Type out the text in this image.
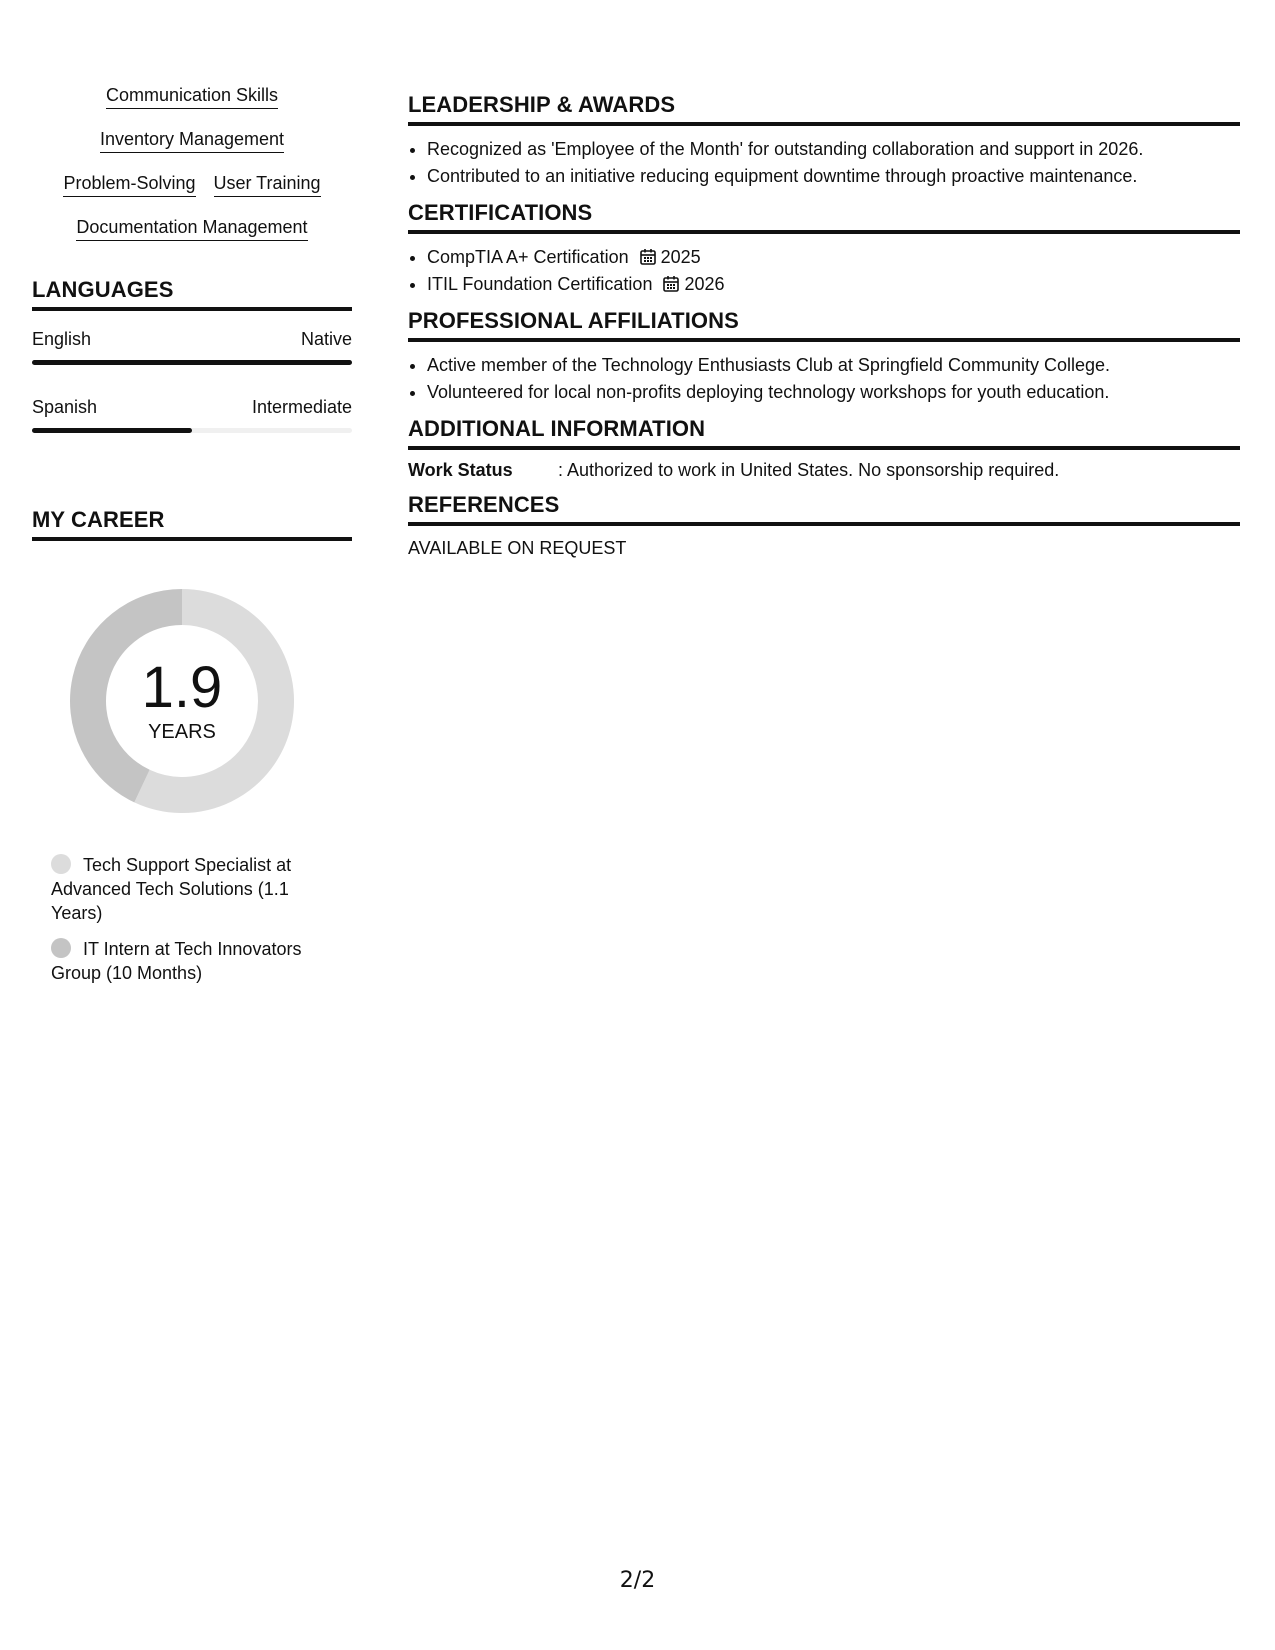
Communication Skills
Inventory Management
Problem-Solving User Training
Documentation Management
LANGUAGES
English	Native
Spanish	Intermediate
MY CAREER
1.9
YEARS
Tech Support Specialist at Advanced Tech Solutions (1.1 Years)
IT Intern at Tech Innovators Group (10 Months)
LEADERSHIP & AWARDS
• Recognized as 'Employee of the Month' for outstanding collaboration and support in 2026.
• Contributed to an initiative reducing equipment downtime through proactive maintenance.
CERTIFICATIONS
• CompTIA A+ Certification 2025
• ITIL Foundation Certification 2026
PROFESSIONAL AFFILIATIONS
• Active member of the Technology Enthusiasts Club at Springfield Community College.
• Volunteered for local non-profits deploying technology workshops for youth education.
ADDITIONAL INFORMATION
Work Status	: Authorized to work in United States. No sponsorship required.
REFERENCES
AVAILABLE ON REQUEST
2/2
